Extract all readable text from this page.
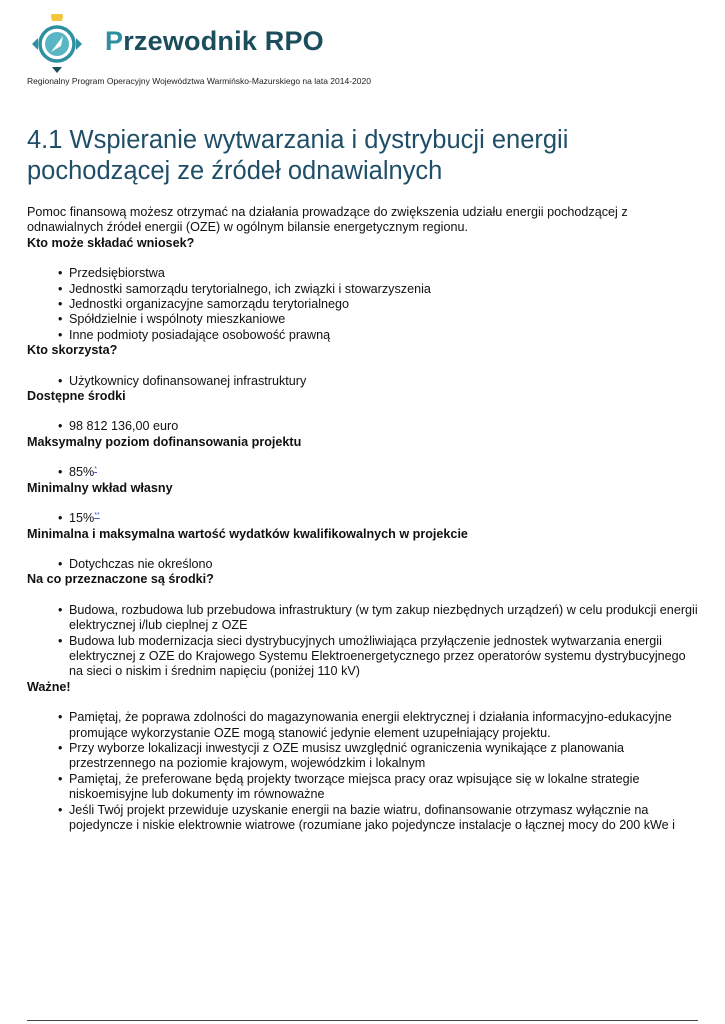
Przewodnik RPO
Regionalny Program Operacyjny Województwa Warmińsko-Mazurskiego na lata 2014-2020
4.1 Wspieranie wytwarzania i dystrybucji energii pochodzącej ze źródeł odnawialnych

Pomoc finansową możesz otrzymać na działania prowadzące do zwiększenia udziału energii pochodzącej z odnawialnych źródeł energii (OZE) w ogólnym bilansie energetycznym regionu.

Kto może składać wniosek?

• Przedsiębiorstwa
• Jednostki samorządu terytorialnego, ich związki i stowarzyszenia
• Jednostki organizacyjne samorządu terytorialnego
• Spółdzielnie i wspólnoty mieszkaniowe
• Inne podmioty posiadające osobowość prawną

Kto skorzysta?

• Użytkownicy dofinansowanej infrastruktury

Dostępne środki

• 98 812 136,00 euro

Maksymalny poziom dofinansowania projektu

• 85%*

Minimalny wkład własny

• 15%**

Minimalna i maksymalna wartość wydatków kwalifikowalnych w projekcie

• Dotychczas nie określono

Na co przeznaczone są środki?

• Budowa, rozbudowa lub przebudowa infrastruktury (w tym zakup niezbędnych urządzeń) w celu produkcji energii elektrycznej i/lub cieplnej z OZE
• Budowa lub modernizacja sieci dystrybucyjnych umożliwiająca przyłączenie jednostek wytwarzania energii elektrycznej z OZE do Krajowego Systemu Elektroenergetycznego przez operatorów systemu dystrybucyjnego na sieci o niskim i średnim napięciu (poniżej 110 kV)

Ważne!

• Pamiętaj, że poprawa zdolności do magazynowania energii elektrycznej i działania informacyjno-edukacyjne promujące wykorzystanie OZE mogą stanowić jedynie element uzupełniający projektu.
• Przy wyborze lokalizacji inwestycji z OZE musisz uwzględnić ograniczenia wynikające z planowania przestrzennego na poziomie krajowym, wojewódzkim i lokalnym
• Pamiętaj, że preferowane będą projekty tworzące miejsca pracy oraz wpisujące się w lokalne strategie niskoemisyjne lub dokumenty im równoważne
• Jeśli Twój projekt przewiduje uzyskanie energii na bazie wiatru, dofinansowanie otrzymasz wyłącznie na pojedyncze i niskie elektrownie wiatrowe (rozumiane jako pojedyncze instalacje o łącznej mocy do 200 kWe i
